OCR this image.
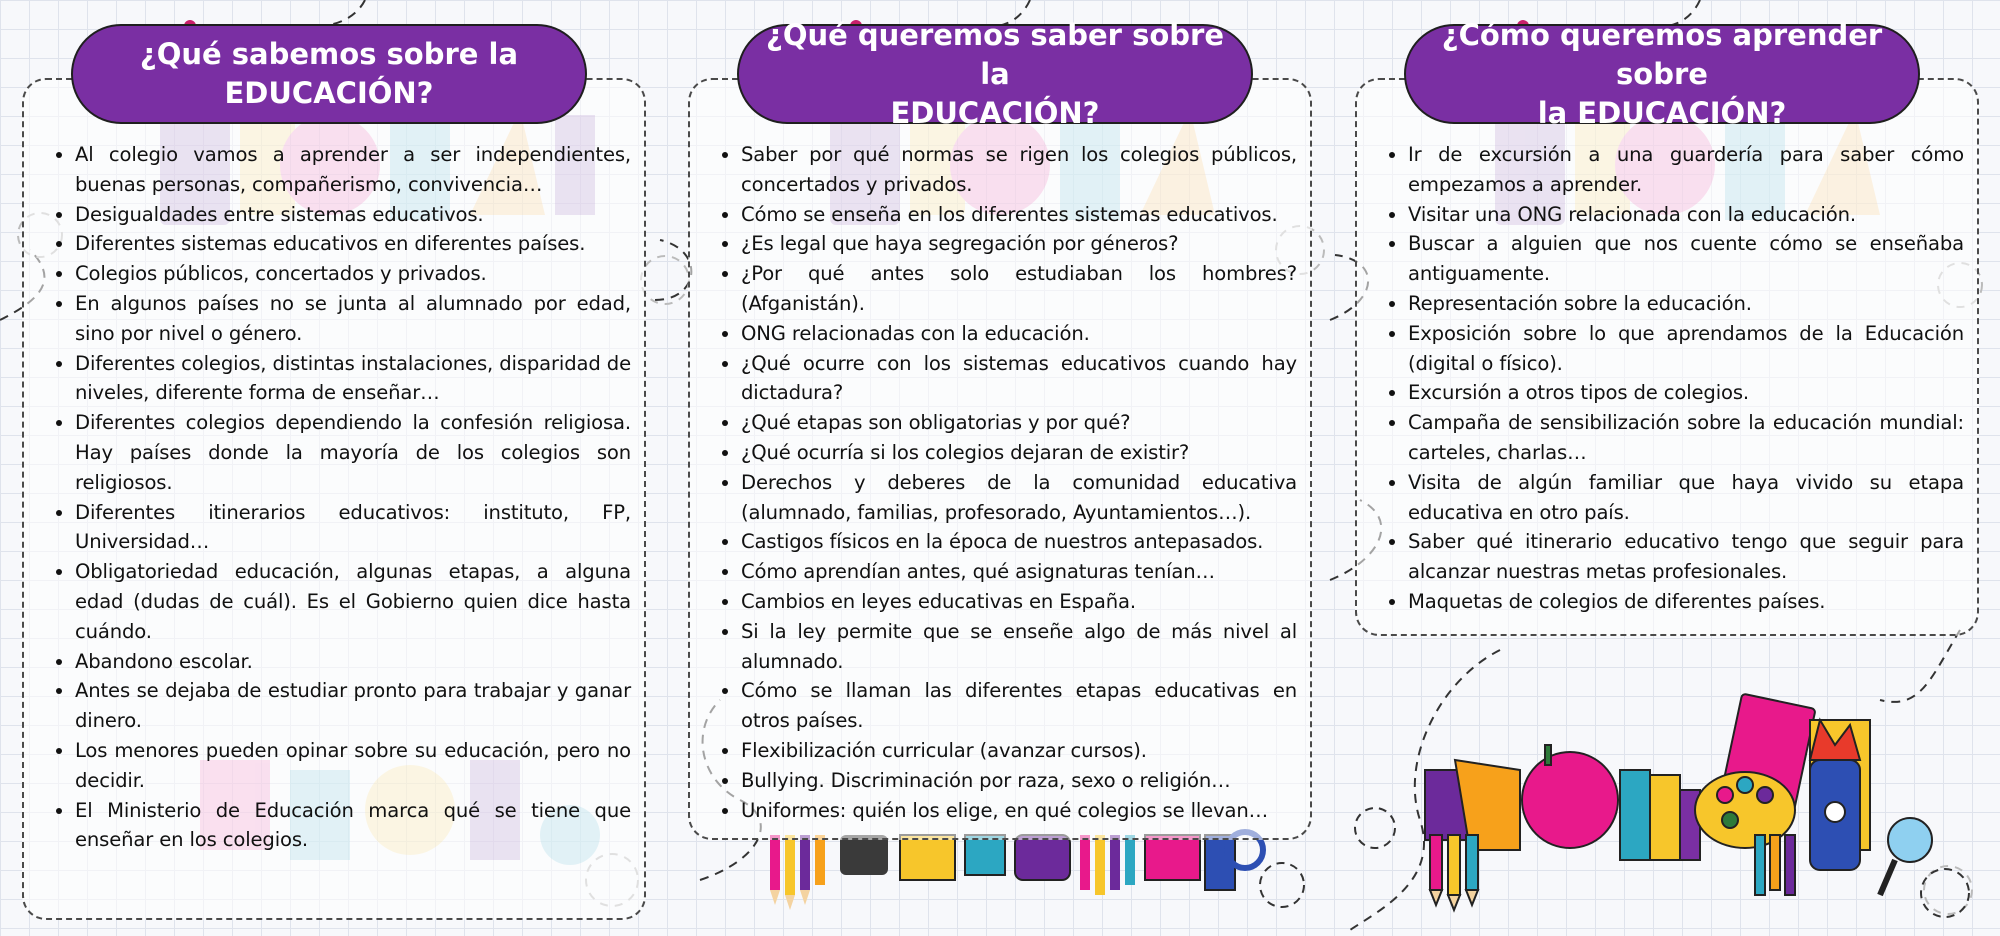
¿Qué sabemos sobre la
EDUCACIÓN?
• Al colegio vamos a aprender a ser independientes, buenas personas, compañerismo, convivencia…
• Desigualdades entre sistemas educativos.
• Diferentes sistemas educativos en diferentes países.
• Colegios públicos, concertados y privados.
• En algunos países no se junta al alumnado por edad, sino por nivel o género.
• Diferentes colegios, distintas instalaciones, disparidad de niveles, diferente forma de enseñar…
• Diferentes colegios dependiendo la confesión religiosa. Hay países donde la mayoría de los colegios son religiosos.
• Diferentes itinerarios educativos: instituto, FP, Universidad…
• Obligatoriedad educación, algunas etapas, a alguna edad (dudas de cuál). Es el Gobierno quien dice hasta cuándo.
• Abandono escolar.
• Antes se dejaba de estudiar pronto para trabajar y ganar dinero.
• Los menores pueden opinar sobre su educación, pero no decidir.
• El Ministerio de Educación marca qué se tiene que enseñar en los colegios.
¿Qué queremos saber sobre la
EDUCACIÓN?
• Saber por qué normas se rigen los colegios públicos, concertados y privados.
• Cómo se enseña en los diferentes sistemas educativos.
• ¿Es legal que haya segregación por géneros?
• ¿Por qué antes solo estudiaban los hombres? (Afganistán).
• ONG relacionadas con la educación.
• ¿Qué ocurre con los sistemas educativos cuando hay dictadura?
• ¿Qué etapas son obligatorias y por qué?
• ¿Qué ocurría si los colegios dejaran de existir?
• Derechos y deberes de la comunidad educativa (alumnado, familias, profesorado, Ayuntamientos…).
• Castigos físicos en la época de nuestros antepasados.
• Cómo aprendían antes, qué asignaturas tenían…
• Cambios en leyes educativas en España.
• Si la ley permite que se enseñe algo de más nivel al alumnado.
• Cómo se llaman las diferentes etapas educativas en otros países.
• Flexibilización curricular (avanzar cursos).
• Bullying. Discriminación por raza, sexo o religión…
• Uniformes: quién los elige, en qué colegios se llevan…
¿Cómo queremos aprender sobre
la EDUCACIÓN?
• Ir de excursión a una guardería para saber cómo empezamos a aprender.
• Visitar una ONG relacionada con la educación.
• Buscar a alguien que nos cuente cómo se enseñaba antiguamente.
• Representación sobre la educación.
• Exposición sobre lo que aprendamos de la Educación (digital o físico).
• Excursión a otros tipos de colegios.
• Campaña de sensibilización sobre la educación mundial: carteles, charlas…
• Visita de algún familiar que haya vivido su etapa educativa en otro país.
• Saber qué itinerario educativo tengo que seguir para alcanzar nuestras metas profesionales.
• Maquetas de colegios de diferentes países.
